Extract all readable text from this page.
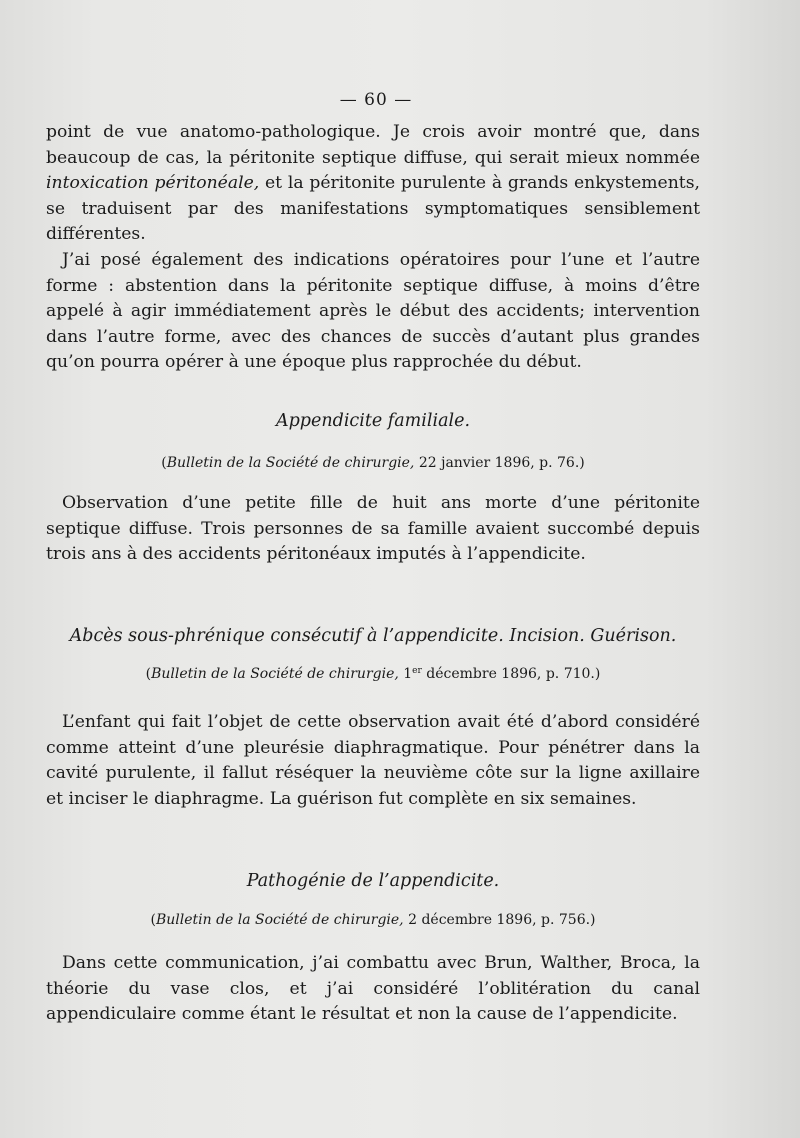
— 60 —

point de vue anatomo-pathologique. Je crois avoir montré que, dans beaucoup de cas, la péritonite septique diffuse, qui serait mieux nommée intoxication péritonéale, et la péritonite purulente à grands enkystements, se traduisent par des manifestations symptomatiques sensiblement différentes.

J’ai posé également des indications opératoires pour l’une et l’autre forme : abstention dans la péritonite septique diffuse, à moins d’être appelé à agir immédiatement après le début des accidents; intervention dans l’autre forme, avec des chances de succès d’autant plus grandes qu’on pourra opérer à une époque plus rapprochée du début.

Appendicite familiale.
(Bulletin de la Société de chirurgie, 22 janvier 1896, p. 76.)

Observation d’une petite fille de huit ans morte d’une péritonite septique diffuse. Trois personnes de sa famille avaient succombé depuis trois ans à des accidents péritonéaux imputés à l’appendicite.

Abcès sous-phrénique consécutif à l’appendicite. Incision. Guérison.
(Bulletin de la Société de chirurgie, 1er décembre 1896, p. 710.)

L’enfant qui fait l’objet de cette observation avait été d’abord considéré comme atteint d’une pleurésie diaphragmatique. Pour pénétrer dans la cavité purulente, il fallut réséquer la neuvième côte sur la ligne axillaire et inciser le diaphragme. La guérison fut complète en six semaines.

Pathogénie de l’appendicite.
(Bulletin de la Société de chirurgie, 2 décembre 1896, p. 756.)

Dans cette communication, j’ai combattu avec Brun, Walther, Broca, la théorie du vase clos, et j’ai considéré l’oblitération du canal appendiculaire comme étant le résultat et non la cause de l’appendicite.
